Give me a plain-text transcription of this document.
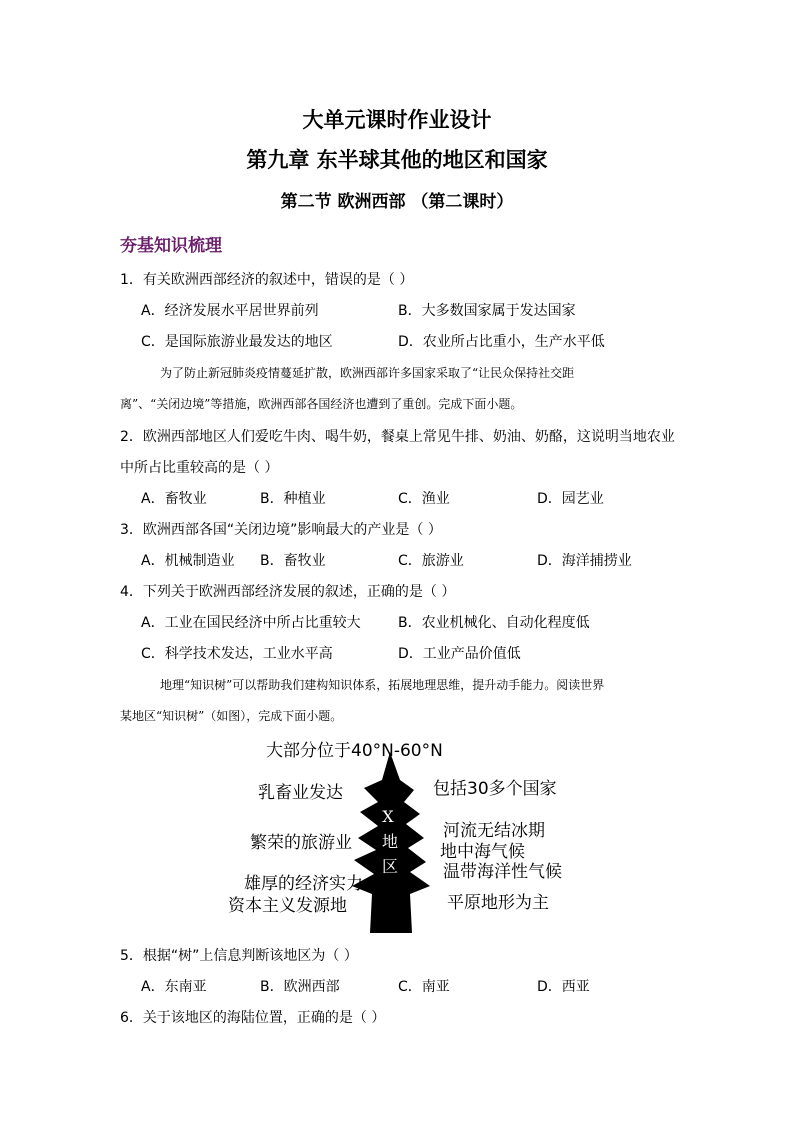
大单元课时作业设计
第九章 东半球其他的地区和国家
第二节 欧洲西部 （第二课时）
夯基知识梳理
1．有关欧洲西部经济的叙述中，错误的是（ ）
A．经济发展水平居世界前列	B．大多数国家属于发达国家
C．是国际旅游业最发达的地区	D．农业所占比重小，生产水平低
为了防止新冠肺炎疫情蔓延扩散，欧洲西部许多国家采取了“让民众保持社交距
离”、“关闭边境”等措施，欧洲西部各国经济也遭到了重创。完成下面小题。
2．欧洲西部地区人们爱吃牛肉、喝牛奶，餐桌上常见牛排、奶油、奶酪，这说明当地农业
中所占比重较高的是（ ）
A．畜牧业	B．种植业	C．渔业	D．园艺业
3．欧洲西部各国“关闭边境”影响最大的产业是（ ）
A．机械制造业 B．畜牧业	C．旅游业	D．海洋捕捞业
4．下列关于欧洲西部经济发展的叙述，正确的是（ ）
A．工业在国民经济中所占比重较大	B．农业机械化、自动化程度低
C．科学技术发达，工业水平高	D．工业产品价值低
地理“知识树”可以帮助我们建构知识体系，拓展地理思维，提升动手能力。阅读世界
某地区“知识树”（如图），完成下面小题。
X
地
区
大部分位于40°N-60°N
乳畜业发达
繁荣的旅游业
雄厚的经济实力
资本主义发源地
包括30多个国家
河流无结冰期
地中海气候
温带海洋性气候
平原地形为主
5．根据“树”上信息判断该地区为（ ）
A．东南亚	B．欧洲西部	C．南亚	D．西亚
6．关于该地区的海陆位置，正确的是（ ）
